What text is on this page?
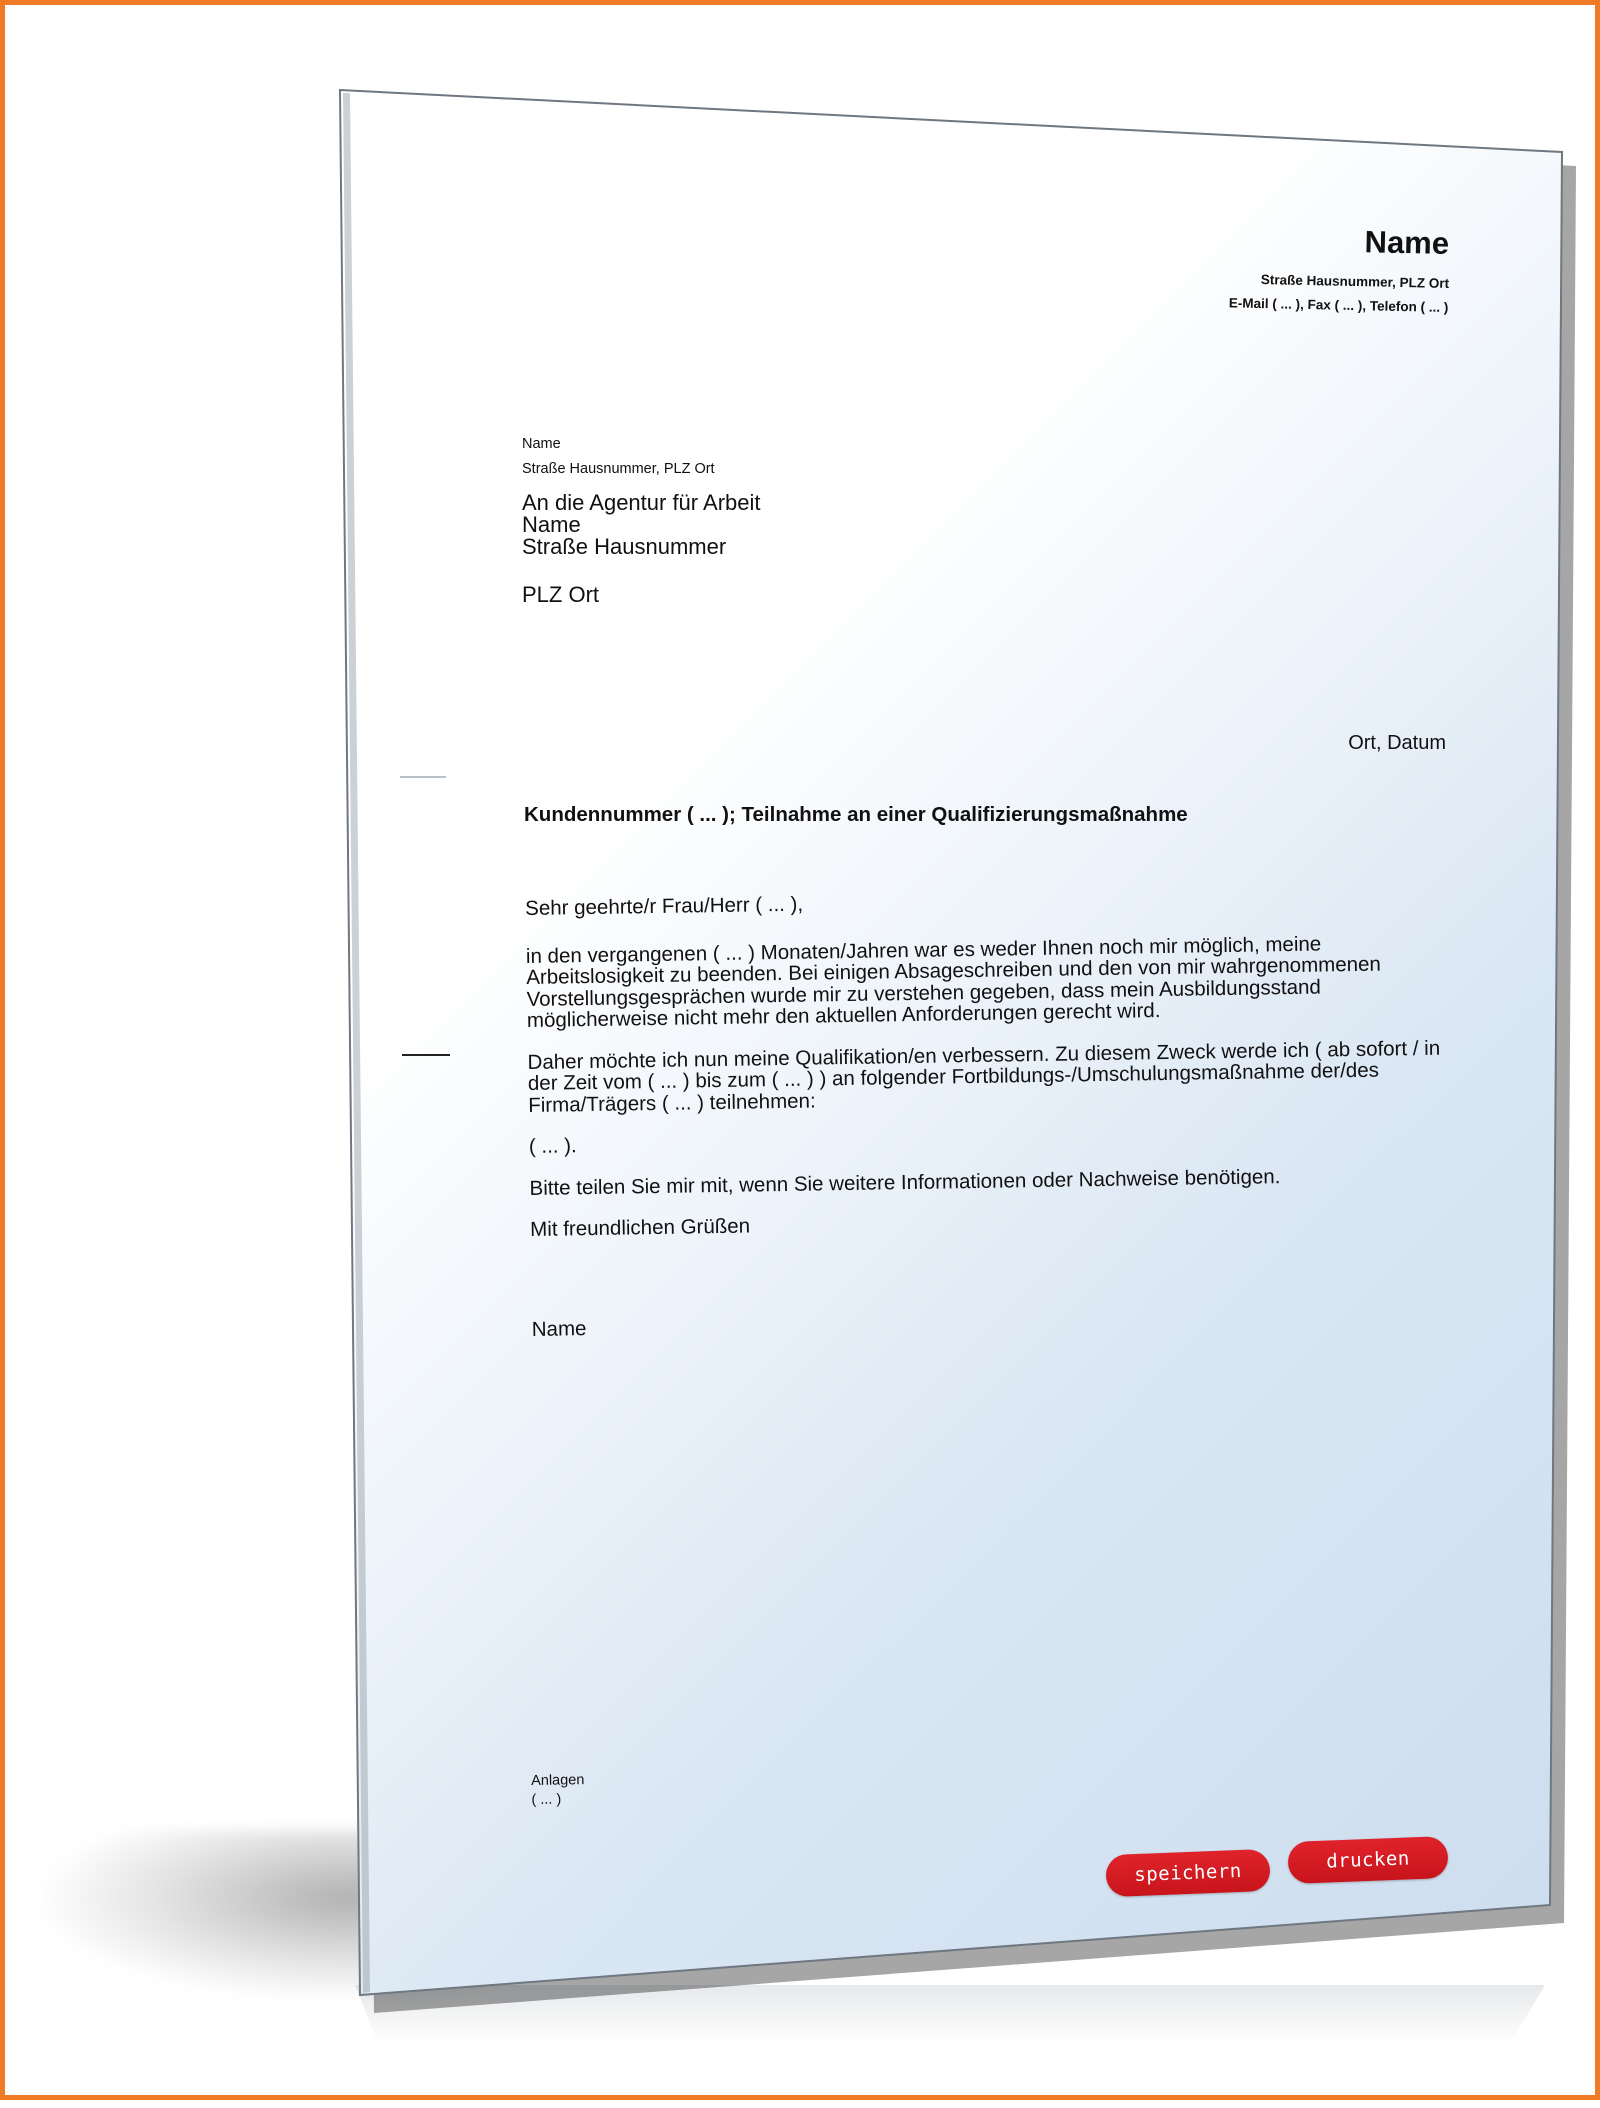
Name
Straße Hausnummer, PLZ Ort
E-Mail ( ... ), Fax ( ... ), Telefon ( ... )
Name
Straße Hausnummer, PLZ Ort
An die Agentur für Arbeit
Name
Straße Hausnummer
PLZ Ort
Ort, Datum
Kundennummer ( ... ); Teilnahme an einer Qualifizierungsmaßnahme

Sehr geehrte/r Frau/Herr ( ... ),

in den vergangenen ( ... ) Monaten/Jahren war es weder Ihnen noch mir möglich, meine Arbeitslosigkeit zu beenden. Bei einigen Absageschreiben und den von mir wahrgenommenen Vorstellungsgesprächen wurde mir zu verstehen gegeben, dass mein Ausbildungsstand möglicherweise nicht mehr den aktuellen Anforderungen gerecht wird.

Daher möchte ich nun meine Qualifikation/en verbessern. Zu diesem Zweck werde ich ( ab sofort / in der Zeit vom ( ... ) bis zum ( ... ) ) an folgender Fortbildungs-/Umschulungsmaßnahme der/des Firma/Trägers ( ... ) teilnehmen:

( ... ).

Bitte teilen Sie mir mit, wenn Sie weitere Informationen oder Nachweise benötigen.

Mit freundlichen Grüßen

Name

Anlagen
( ... )
speichern	drucken
